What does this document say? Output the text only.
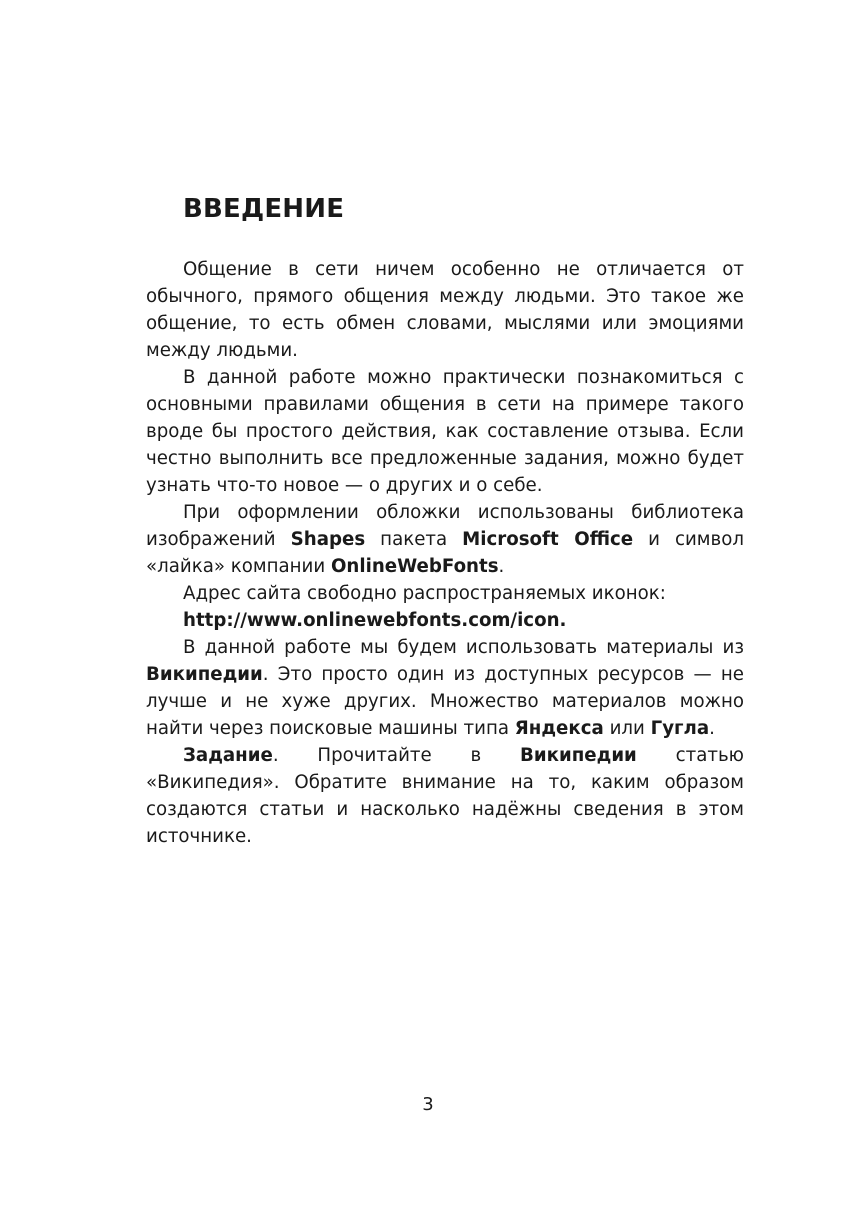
ВВЕДЕНИЕ

Общение в сети ничем особенно не отличается от обычного, прямого общения между людьми. Это такое же общение, то есть обмен словами, мыслями или эмоциями между людьми.

В данной работе можно практически познакомиться с основными правилами общения в сети на примере такого вроде бы простого действия, как составление отзыва. Если честно выполнить все предложенные задания, можно будет узнать что-то новое — о других и о себе.

При оформлении обложки использованы библиотека изображений Shapes пакета Microsoft Office и символ «лайка» компании OnlineWebFonts.

Адрес сайта свободно распространяемых иконок:

http://www.onlinewebfonts.com/icon.

В данной работе мы будем использовать материалы из Википедии. Это просто один из доступных ресурсов — не лучше и не хуже других. Множество материалов можно найти через поисковые машины типа Яндекса или Гугла.

Задание. Прочитайте в Википедии статью «Википедия». Обратите внимание на то, каким образом создаются статьи и насколько надёжны сведения в этом источнике.

3
